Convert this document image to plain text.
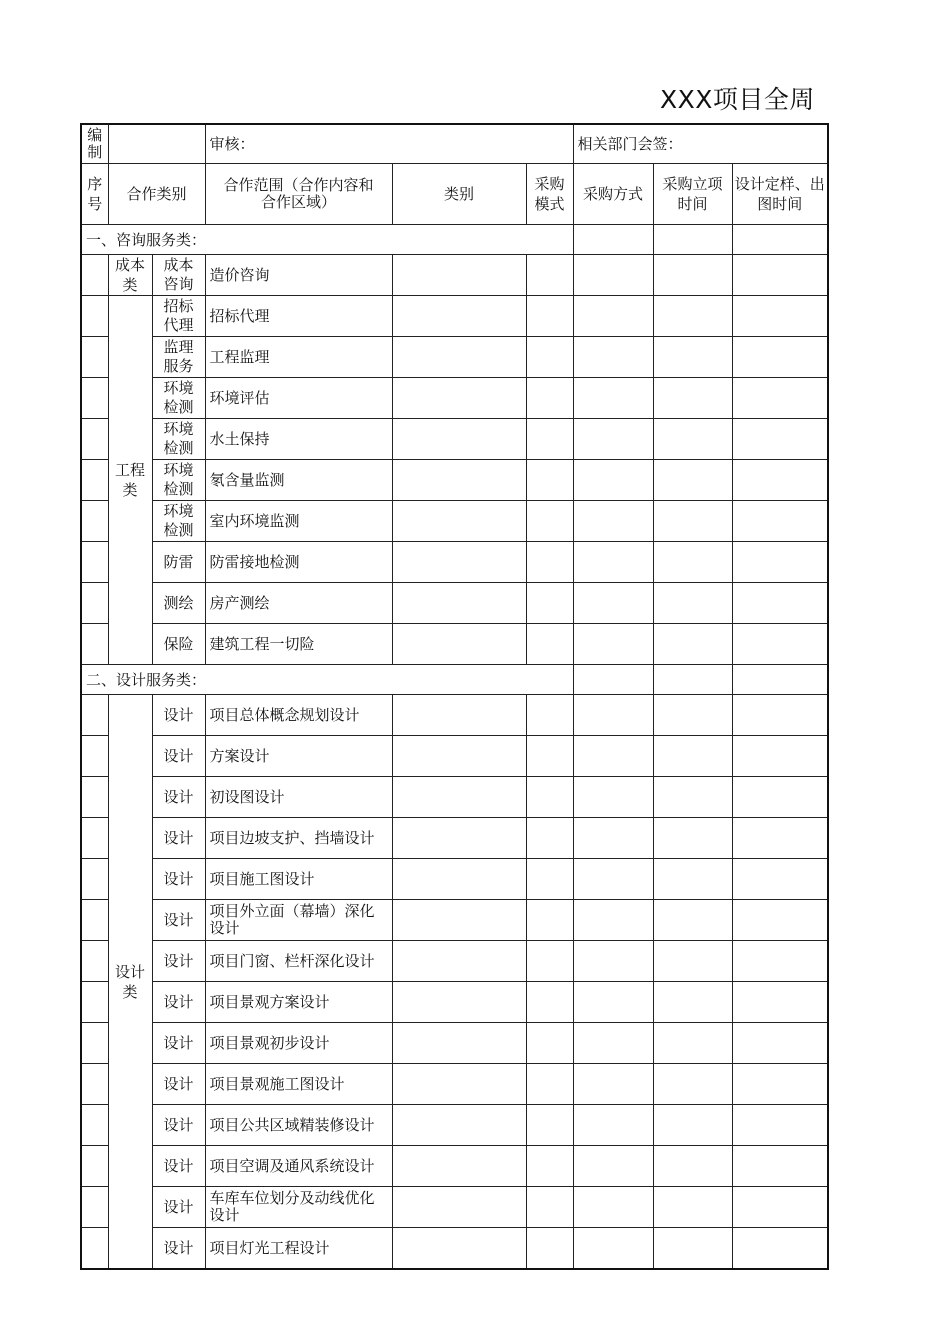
XXX项目全周
编制			审核：			相关部门会签：		
序号	合作类别		合作范围（合作内容和合作区域）	类别	采购模式	采购方式	采购立项时间	设计定样、出图时间
一、咨询服务类：								
	成本类	成本咨询	造价咨询					
	工程类	招标代理	招标代理					
		监理服务	工程监理					
		环境检测	环境评估					
		环境检测	水土保持					
		环境检测	氡含量监测					
		环境检测	室内环境监测					
		防雷	防雷接地检测					
		测绘	房产测绘					
		保险	建筑工程一切险					
二、设计服务类：								
	设计类	设计	项目总体概念规划设计					
		设计	方案设计					
		设计	初设图设计					
		设计	项目边坡支护、挡墙设计					
		设计	项目施工图设计					
		设计	项目外立面（幕墙）深化设计					
		设计	项目门窗、栏杆深化设计					
		设计	项目景观方案设计					
		设计	项目景观初步设计					
		设计	项目景观施工图设计					
		设计	项目公共区域精装修设计					
		设计	项目空调及通风系统设计					
		设计	车库车位划分及动线优化设计					
		设计	项目灯光工程设计					
